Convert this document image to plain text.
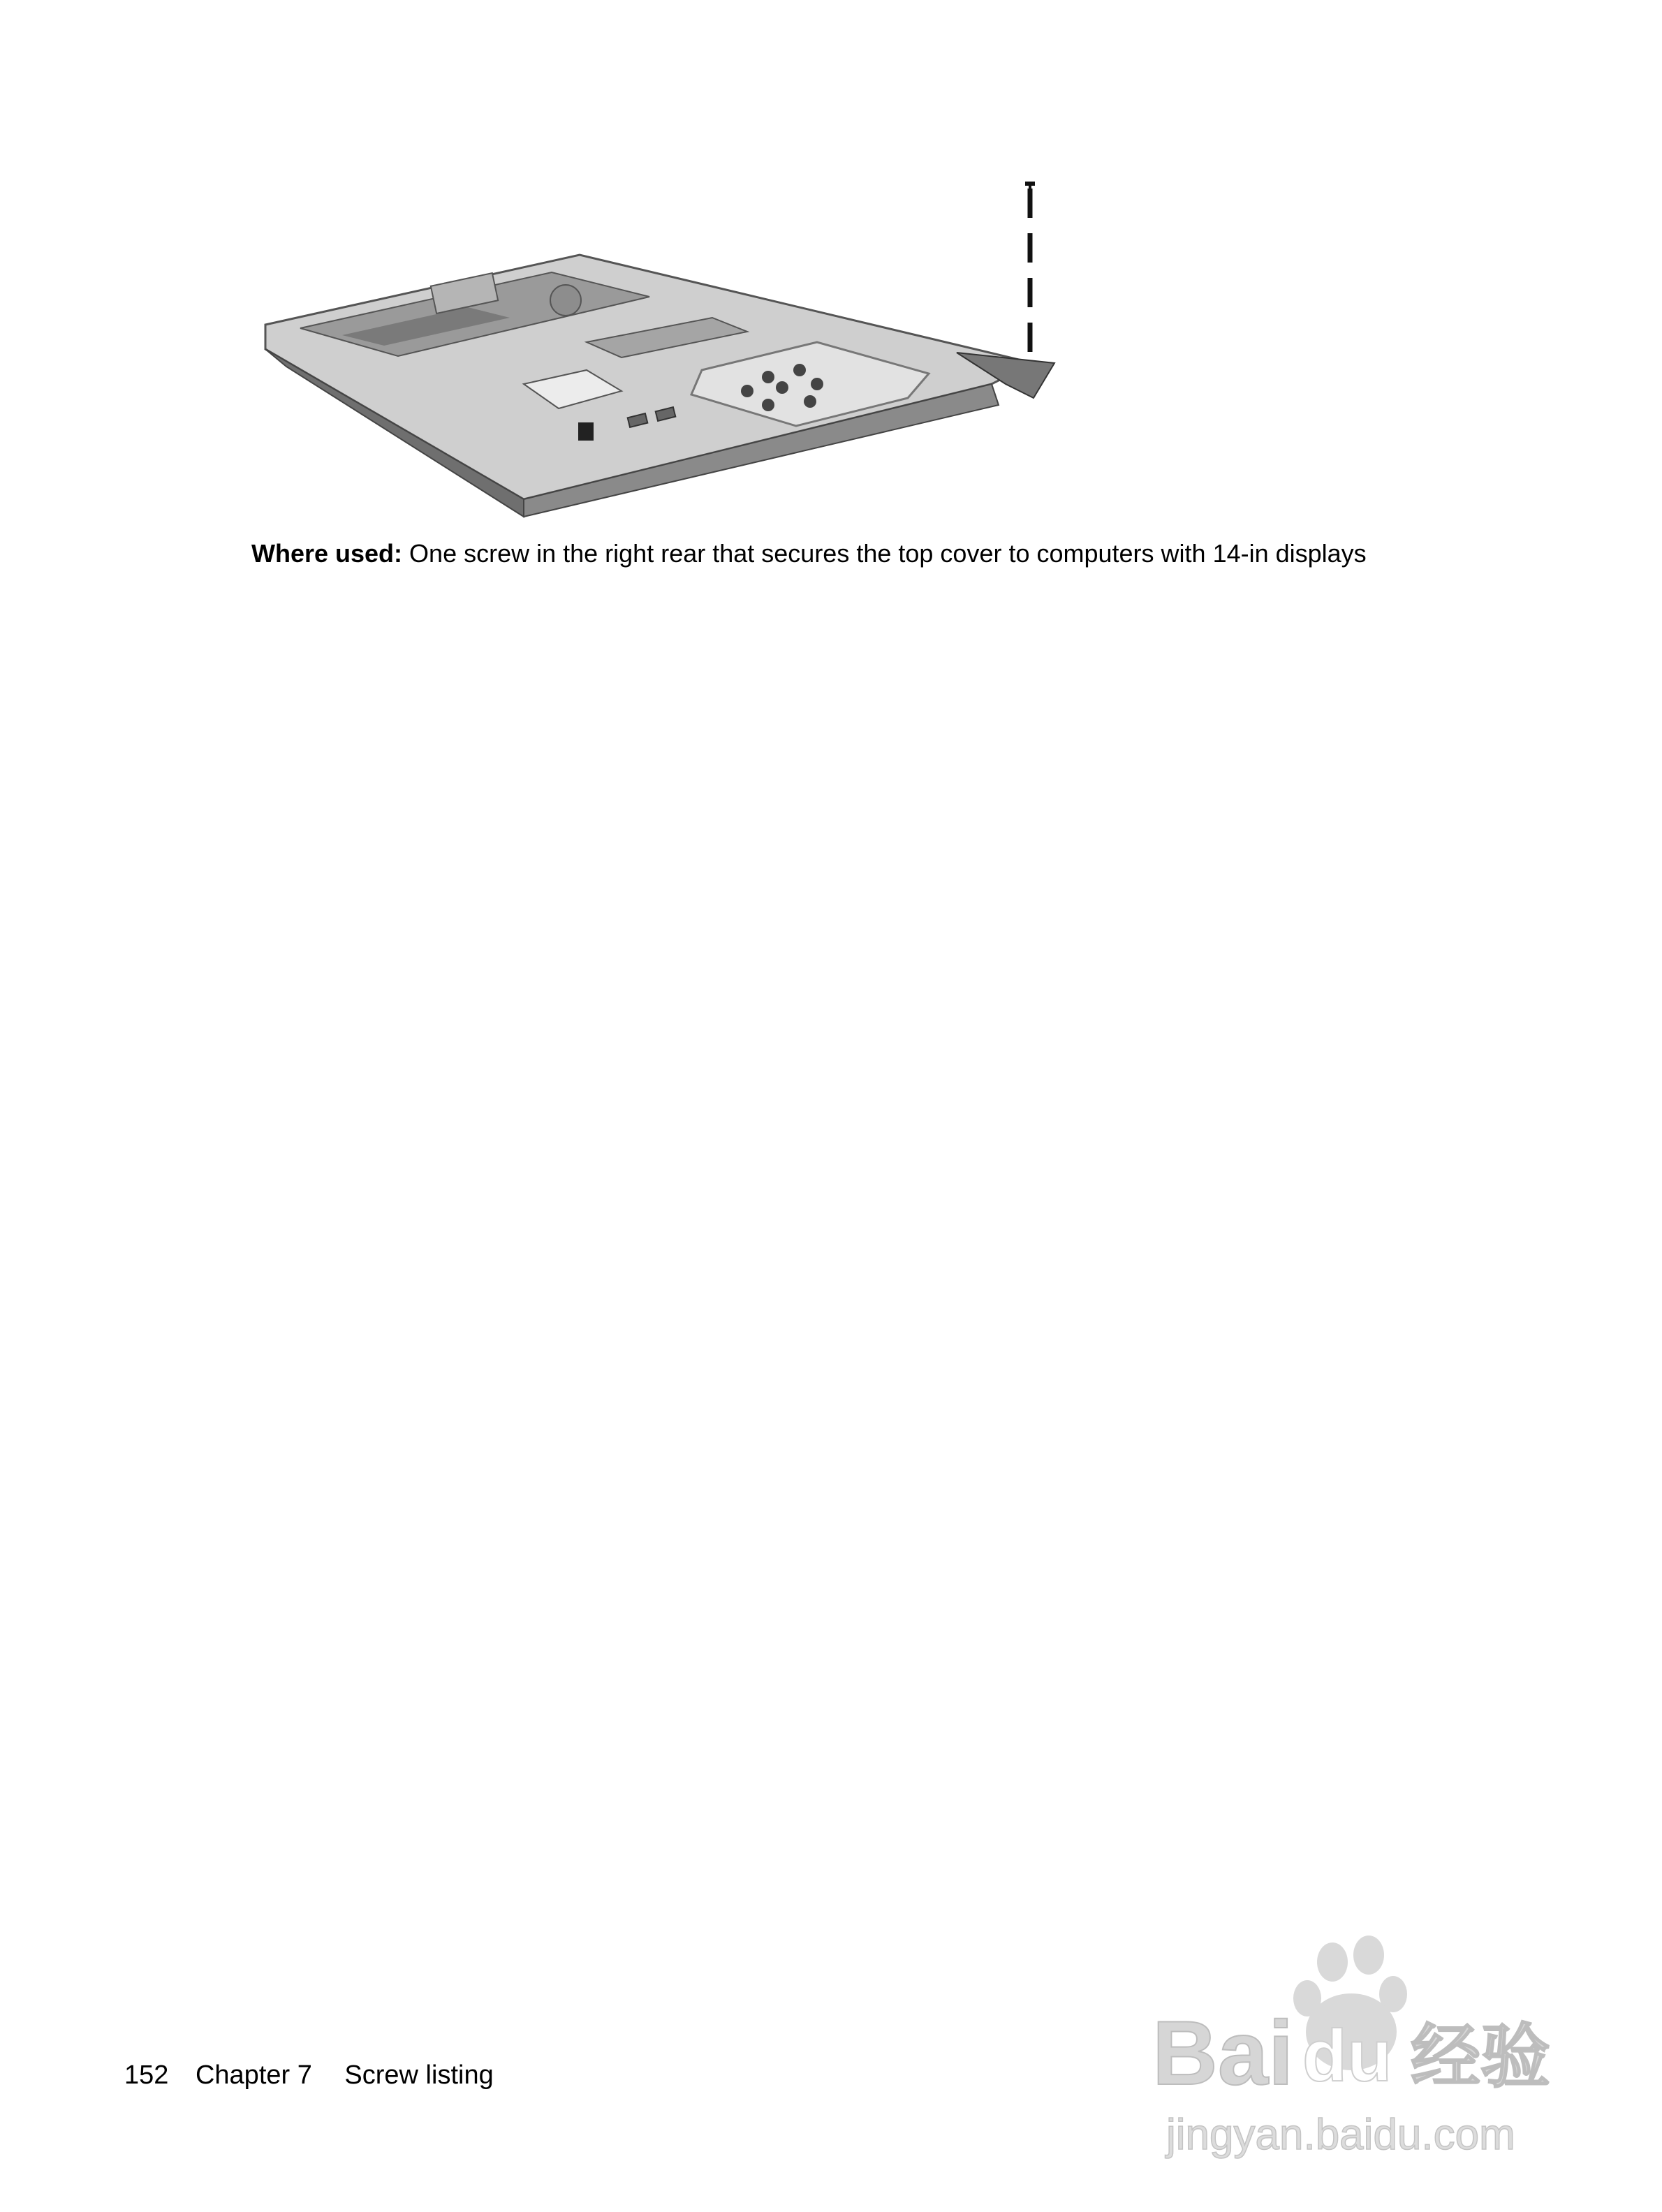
Where used: One screw in the right rear that secures the top cover to computers with 14-in displays
152 Chapter 7 Screw listing	Bai du 经验
jingyan.baidu.com
